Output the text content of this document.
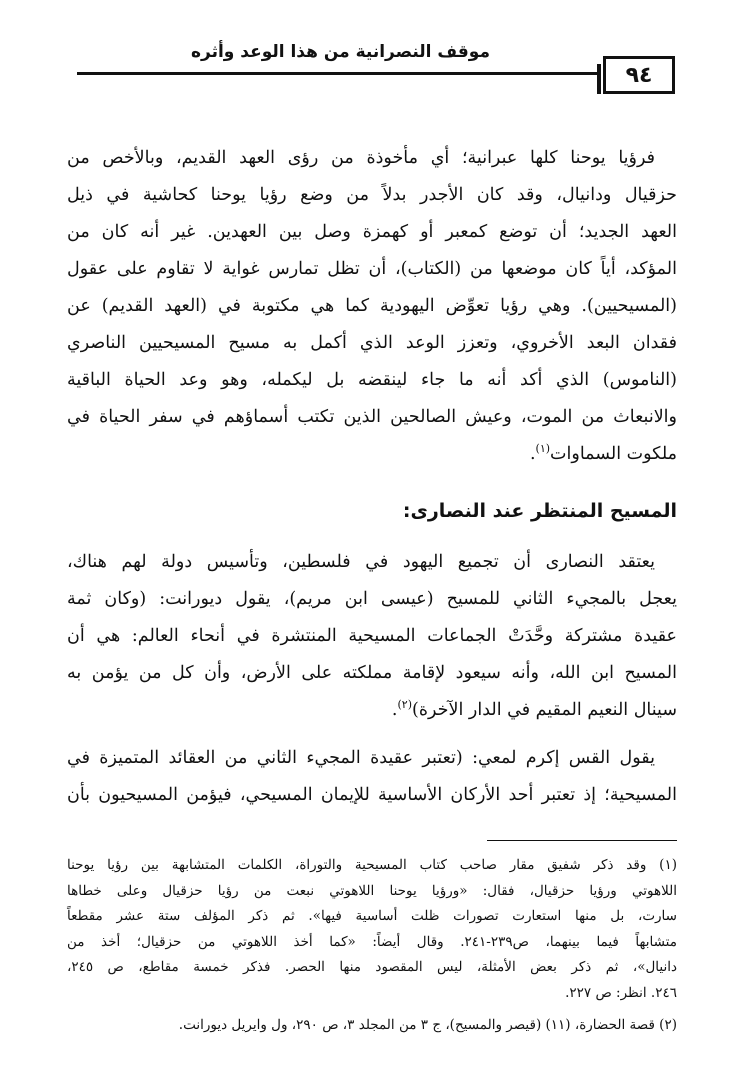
موقف النصرانية من هذا الوعد وأثره
٩٤
فرؤيا يوحنا كلها عبرانية؛ أي مأخوذة من رؤى العهد القديم، وبالأخص من
حزقيال ودانيال، وقد كان الأجدر بدلاً من وضع رؤيا يوحنا كحاشية في ذيل
العهد الجديد؛ أن توضع كمعبر أو كهمزة وصل بين العهدين. غير أنه كان من
المؤكد، أياً كان موضعها من (الكتاب)، أن تظل تمارس غواية لا تقاوم على عقول
(المسيحيين). وهي رؤيا تعوِّض اليهودية كما هي مكتوبة في (العهد القديم) عن
فقدان البعد الأخروي، وتعزز الوعد الذي أكمل به مسيح المسيحيين الناصري
(الناموس) الذي أكد أنه ما جاء لينقضه بل ليكمله، وهو وعد الحياة الباقية
والانبعاث من الموت، وعيش الصالحين الذين تكتب أسماؤهم في سفر الحياة في
ملكوت السماوات$^{(١)}$.
المسيح المنتظر عند النصارى:
يعتقد النصارى أن تجميع اليهود في فلسطين، وتأسيس دولة لهم هناك،
يعجل بالمجيء الثاني للمسيح (عيسى ابن مريم)، يقول ديورانت: (وكان ثمة
عقيدة مشتركة وحَّدَتْ الجماعات المسيحية المنتشرة في أنحاء العالم: هي أن
المسيح ابن الله، وأنه سيعود لإقامة مملكته على الأرض، وأن كل من يؤمن به
سينال النعيم المقيم في الدار الآخرة)$^{(٢)}$.
يقول القس إكرم لمعي: (تعتبر عقيدة المجيء الثاني من العقائد المتميزة في
المسيحية؛ إذ تعتبر أحد الأركان الأساسية للإيمان المسيحي، فيؤمن المسيحيون بأن
(١) وقد ذكر شفيق مقار صاحب كتاب المسيحية والتوراة، الكلمات المتشابهة بين رؤيا يوحنا
اللاهوتي ورؤيا حزقيال، فقال: «ورؤيا يوحنا اللاهوتي نبعت من رؤيا حزقيال وعلى خطاها
سارت، بل منها استعارت تصورات ظلت أساسية فيها». ثم ذكر المؤلف ستة عشر مقطعاً
متشابهاً فيما بينهما، ص٢٣٩-٢٤١. وقال أيضاً: «كما أخذ اللاهوتي من حزقيال؛ أخذ من
دانيال»، ثم ذكر بعض الأمثلة، ليس المقصود منها الحصر. فذكر خمسة مقاطع، ص ٢٤٥،
٢٤٦. انظر: ص ٢٢٧.
(٢) قصة الحضارة، (١١) (قيصر والمسيح)، ج ٣ من المجلد ٣، ص ٢٩٠، ول وايريل ديورانت.
